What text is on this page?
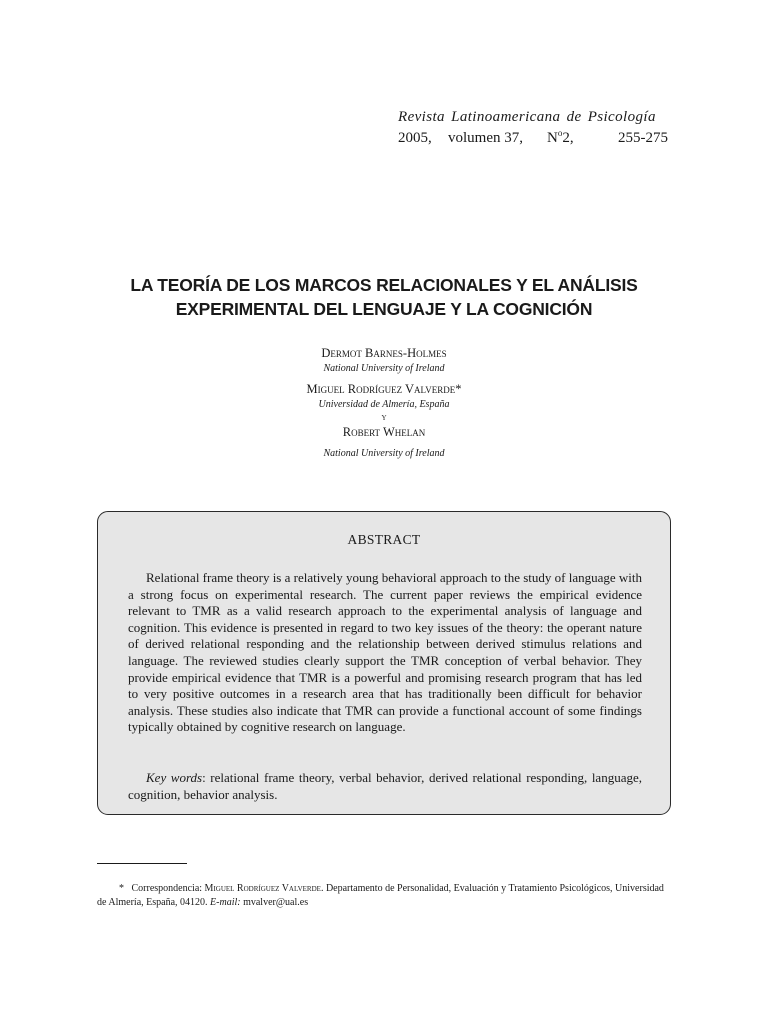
Revista Latinoamericana de Psicología
2005,	volumen 37,	$N^o2$,	255-275
LA TEORÍA DE LOS MARCOS RELACIONALES Y EL ANÁLISIS
EXPERIMENTAL DEL LENGUAJE Y LA COGNICIÓN
Dermot Barnes-Holmes
National University of Ireland
Miguel Rodríguez Valverde*
Universidad de Almería, España
y
Robert Whelan
National University of Ireland
ABSTRACT

Relational frame theory is a relatively young behavioral approach to the study of language with a strong focus on experimental research. The current paper reviews the empirical evidence relevant to TMR as a valid research approach to the experimental analysis of language and cognition. This evidence is presented in regard to two key issues of the theory: the operant nature of derived relational responding and the relationship between derived stimulus relations and language. The reviewed studies clearly support the TMR conception of verbal behavior. They provide empirical evidence that TMR is a powerful and promising research program that has led to very positive outcomes in a research area that has traditionally been difficult for behavior analysis. These studies also indicate that TMR can provide a functional account of some findings typically obtained by cognitive research on language.

Key words: relational frame theory, verbal behavior, derived relational responding, language, cognition, behavior analysis.

* Correspondencia: Miguel Rodríguez Valverde. Departamento de Personalidad, Evaluación y Tratamiento Psicológicos, Universidad de Almería, España, 04120. E-mail: mvalver@ual.es
